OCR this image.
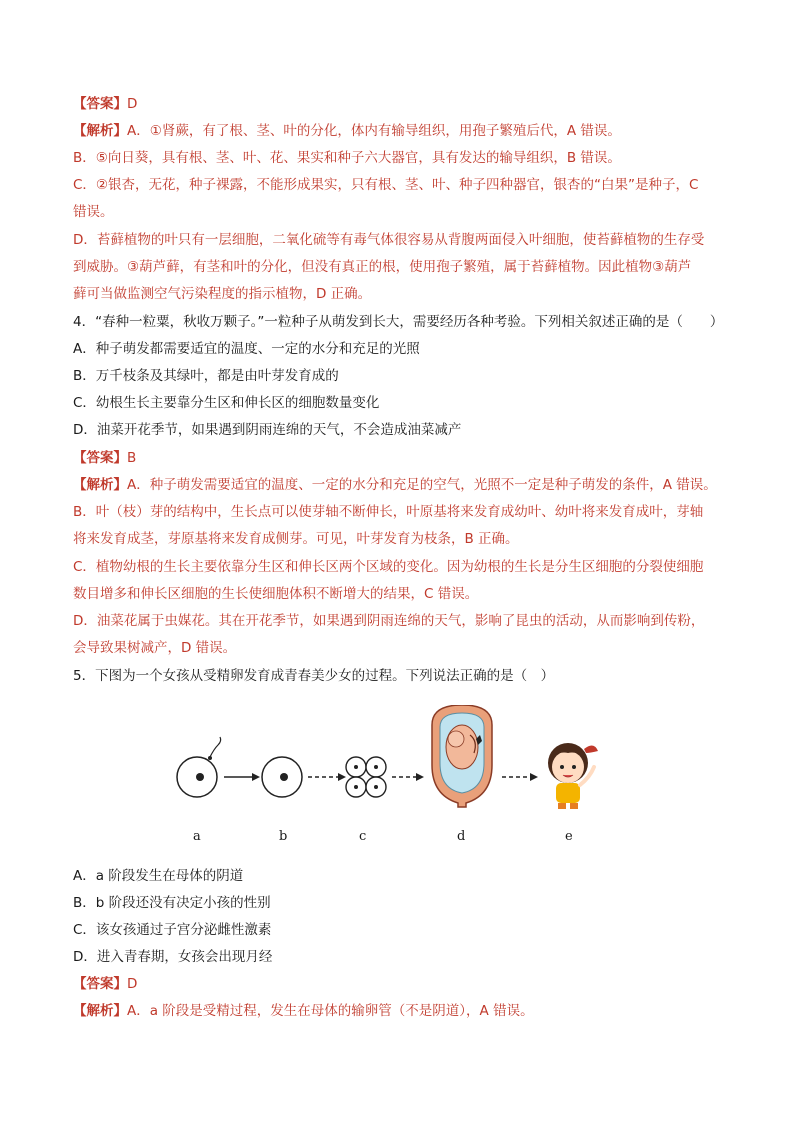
【答案】D
【解析】A．①肾蕨，有了根、茎、叶的分化，体内有输导组织，用孢子繁殖后代，A 错误。
B．⑤向日葵，具有根、茎、叶、花、果实和种子六大器官，具有发达的输导组织，B 错误。
C．②银杏，无花，种子裸露，不能形成果实，只有根、茎、叶、种子四种器官，银杏的“白果”是种子，C
错误。
D．苔藓植物的叶只有一层细胞，二氧化硫等有毒气体很容易从背腹两面侵入叶细胞，使苔藓植物的生存受
到威胁。③葫芦藓，有茎和叶的分化，但没有真正的根，使用孢子繁殖，属于苔藓植物。因此植物③葫芦
藓可当做监测空气污染程度的指示植物，D 正确。
4．“春种一粒粟，秋收万颗子。”一粒种子从萌发到长大，需要经历各种考验。下列相关叙述正确的是（　　）
A．种子萌发都需要适宜的温度、一定的水分和充足的光照
B．万千枝条及其绿叶，都是由叶芽发育成的
C．幼根生长主要靠分生区和伸长区的细胞数量变化
D．油菜开花季节，如果遇到阴雨连绵的天气，不会造成油菜减产
【答案】B
【解析】A．种子萌发需要适宜的温度、一定的水分和充足的空气，光照不一定是种子萌发的条件，A 错误。
B．叶（枝）芽的结构中，生长点可以使芽轴不断伸长，叶原基将来发育成幼叶、幼叶将来发育成叶，芽轴
将来发育成茎，芽原基将来发育成侧芽。可见，叶芽发育为枝条，B 正确。
C．植物幼根的生长主要依靠分生区和伸长区两个区域的变化。因为幼根的生长是分生区细胞的分裂使细胞
数目增多和伸长区细胞的生长使细胞体积不断增大的结果，C 错误。
D．油菜花属于虫媒花。其在开花季节，如果遇到阴雨连绵的天气，影响了昆虫的活动，从而影响到传粉，
会导致果树减产，D 错误。
5．下图为一个女孩从受精卵发育成青春美少女的过程。下列说法正确的是（　）
a	b	c	d	e
A．a 阶段发生在母体的阴道
B．b 阶段还没有决定小孩的性别
C．该女孩通过子宫分泌雌性激素
D．进入青春期，女孩会出现月经
【答案】D
【解析】A．a 阶段是受精过程，发生在母体的输卵管（不是阴道），A 错误。
